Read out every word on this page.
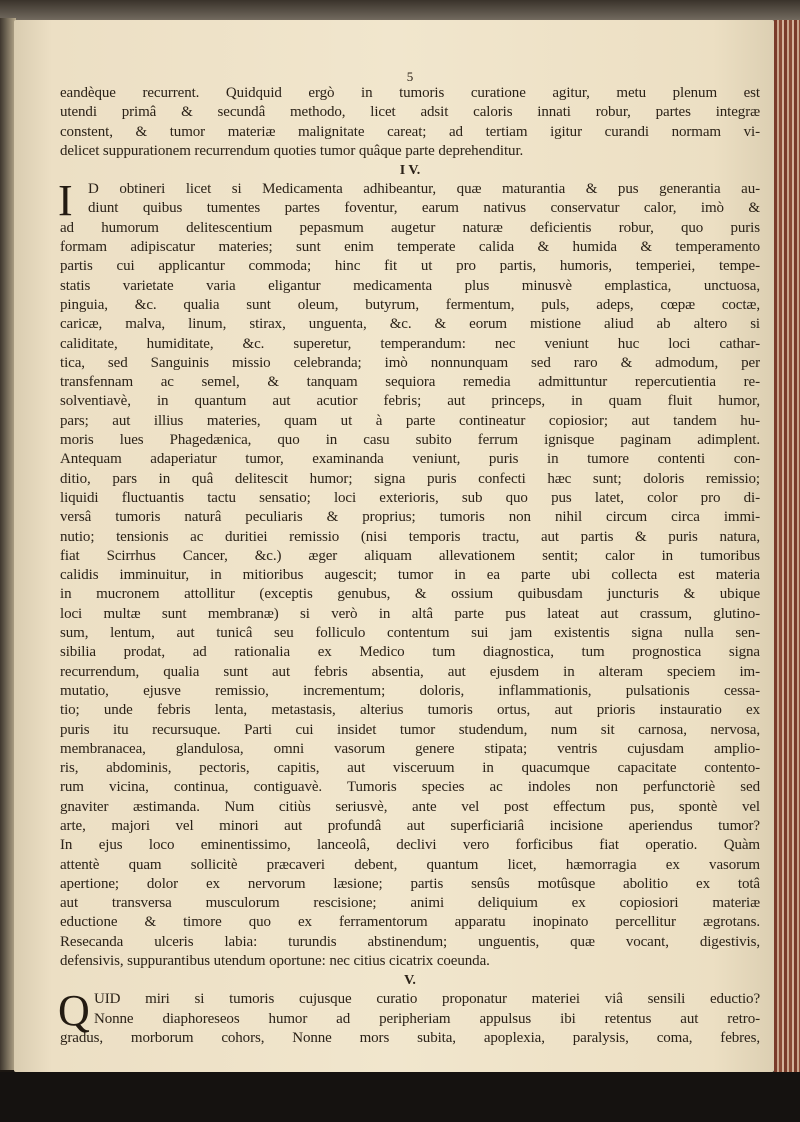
5
eandèque recurrent. Quidquid ergò in tumoris curatione agitur, metu plenum est
utendi primâ & secundâ methodo, licet adsit caloris innati robur, partes integræ
constent, & tumor materiæ malignitate careat; ad tertiam igitur curandi normam vi-
delicet suppurationem recurrendum quoties tumor quâque parte deprehenditur.
I V.
I	D obtineri licet si Medicamenta adhibeantur, quæ maturantia & pus generantia au-
diunt quibus tumentes partes foventur, earum nativus conservatur calor, imò &
ad humorum delitescentium pepasmum augetur naturæ deficientis robur, quo puris
formam adipiscatur materies; sunt enim temperate calida & humida & temperamento
partis cui applicantur commoda; hinc fit ut pro partis, humoris, temperiei, tempe-
statis varietate varia eligantur medicamenta plus minusvè emplastica, unctuosa,
pinguia, &c. qualia sunt oleum, butyrum, fermentum, puls, adeps, cœpæ coctæ,
caricæ, malva, linum, stirax, unguenta, &c. & eorum mistione aliud ab altero si
caliditate, humiditate, &c. superetur, temperandum: nec veniunt huc loci cathar-
tica, sed Sanguinis missio celebranda; imò nonnunquam sed raro & admodum, per
transfennam ac semel, & tanquam sequiora remedia admittuntur repercutientia re-
solventiavè, in quantum aut acutior febris; aut princeps, in quam fluit humor,
pars; aut illius materies, quam ut à parte contineatur copiosior; aut tandem hu-
moris lues Phagedænica, quo in casu subito ferrum ignisque paginam adimplent.
Antequam adaperiatur tumor, examinanda veniunt, puris in tumore contenti con-
ditio, pars in quâ delitescit humor; signa puris confecti hæc sunt; doloris remissio;
liquidi fluctuantis tactu sensatio; loci exterioris, sub quo pus latet, color pro di-
versâ tumoris naturâ peculiaris & proprius; tumoris non nihil circum circa immi-
nutio; tensionis ac duritiei remissio (nisi temporis tractu, aut partis & puris natura,
fiat Scirrhus Cancer, &c.) æger aliquam allevationem sentit; calor in tumoribus
calidis imminuitur, in mitioribus augescit; tumor in ea parte ubi collecta est materia
in mucronem attollitur (exceptis genubus, & ossium quibusdam juncturis & ubique
loci multæ sunt membranæ) si verò in altâ parte pus lateat aut crassum, glutino-
sum, lentum, aut tunicâ seu folliculo contentum sui jam existentis signa nulla sen-
sibilia prodat, ad rationalia ex Medico tum diagnostica, tum prognostica signa
recurrendum, qualia sunt aut febris absentia, aut ejusdem in alteram speciem im-
mutatio, ejusve remissio, incrementum; doloris, inflammationis, pulsationis cessa-
tio; unde febris lenta, metastasis, alterius tumoris ortus, aut prioris instauratio ex
puris itu recursuque. Parti cui insidet tumor studendum, num sit carnosa, nervosa,
membranacea, glandulosa, omni vasorum genere stipata; ventris cujusdam amplio-
ris, abdominis, pectoris, capitis, aut visceruum in quacumque capacitate contento-
rum vicina, continua, contiguavè. Tumoris species ac indoles non perfunctoriè sed
gnaviter æstimanda. Num citiùs seriusvè, ante vel post effectum pus, spontè vel
arte, majori vel minori aut profundâ aut superficiariâ incisione aperiendus tumor?
In ejus loco eminentissimo, lanceolâ, declivi vero forficibus fiat operatio. Quàm
attentè quam sollicitè præcaveri debent, quantum licet, hæmorragia ex vasorum
apertione; dolor ex nervorum læsione; partis sensûs motûsque abolitio ex totâ
aut transversa musculorum rescisione; animi deliquium ex copiosiori materiæ
eductione & timore quo ex ferramentorum apparatu inopinato percellitur ægrotans.
Resecanda ulceris labia: turundis abstinendum; unguentis, quæ vocant, digestivis,
defensivis, suppurantibus utendum oportune: nec citius cicatrix coeunda.
V.
Q UID miri si tumoris cujusque curatio proponatur materiei viâ sensili eductio?
Nonne diaphoreseos humor ad peripheriam appulsus ibi retentus aut retro-
gradus, morborum cohors, Nonne mors subita, apoplexia, paralysis, coma, febres,
